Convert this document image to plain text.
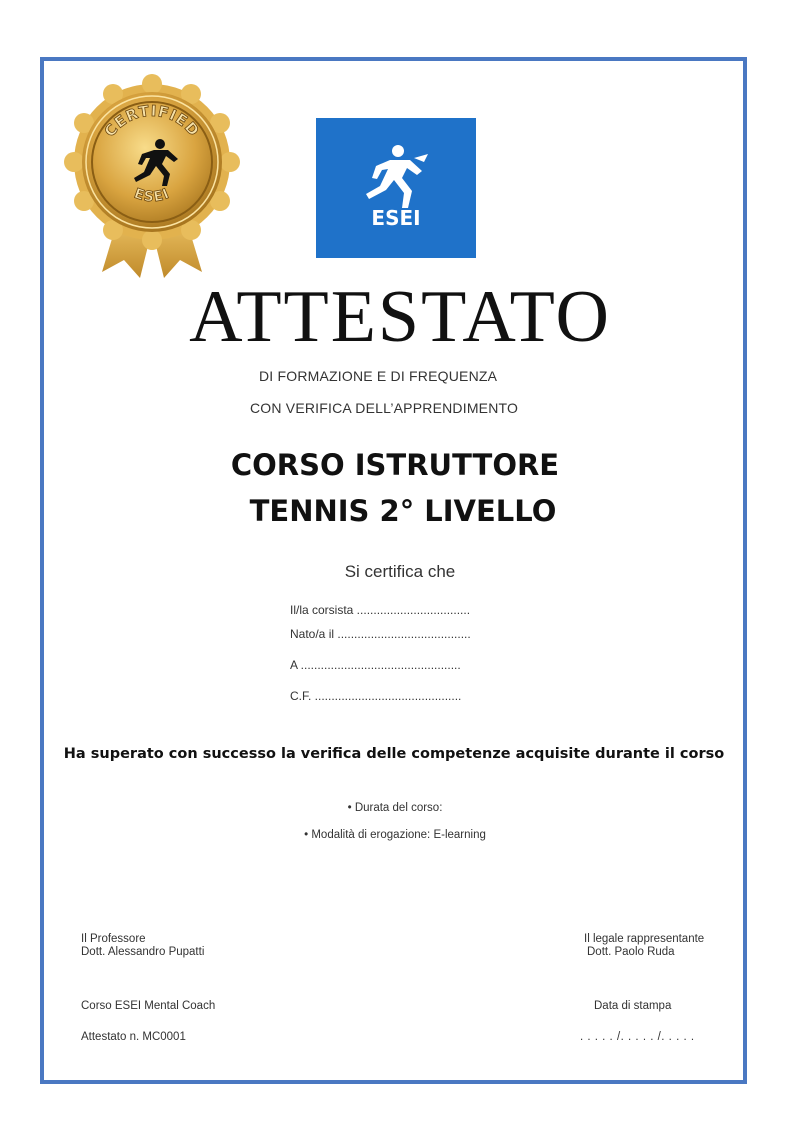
CERTIFIED
ESEI
ESEI
ATTESTATO
DI FORMAZIONE E DI FREQUENZA
CON VERIFICA DELL’APPRENDIMENTO
CORSO ISTRUTTORE
TENNIS 2° LIVELLO
Si certifica che
Il/la corsista ..................................
Nato/a il ........................................
A ................................................
C.F. ............................................
Ha superato con successo la verifica delle competenze acquisite durante il corso
• Durata del corso:
• Modalità di erogazione: E-learning
Il Professore
Dott. Alessandro Pupatti
Il legale rappresentante
Dott. Paolo Ruda
Corso ESEI Mental Coach
Attestato n. MC0001
Data di stampa
. . . . . /. . . . . /. . . . .
